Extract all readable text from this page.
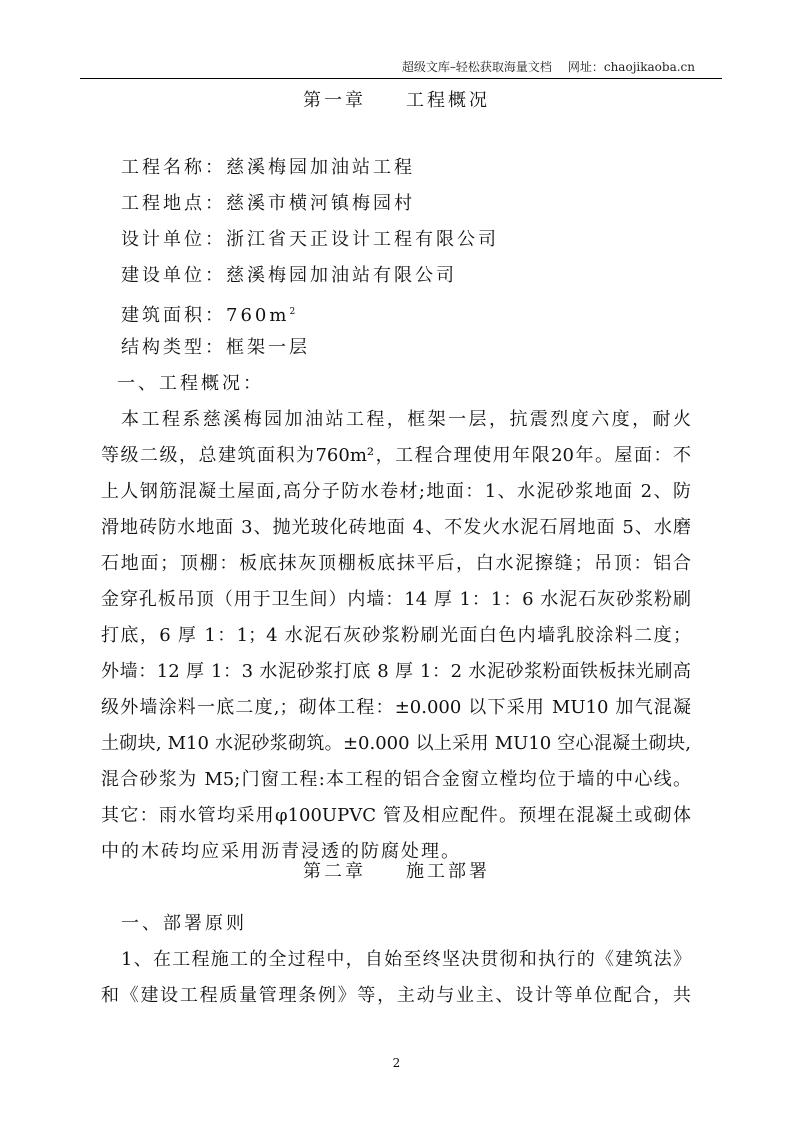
超级文库–轻松获取海量文档 网址：chaojikaoba.cn
第一章 工程概况
工程名称：慈溪梅园加油站工程
工程地点：慈溪市横河镇梅园村
设计单位：浙江省天正设计工程有限公司
建设单位：慈溪梅园加油站有限公司
建筑面积：$760m^2$
结构类型：框架一层
一、工程概况：
本工程系慈溪梅园加油站工程，框架一层，抗震烈度六度，耐火
等级二级，总建筑面积为760m²，工程合理使用年限20年。屋面：不
上人钢筋混凝土屋面,高分子防水卷材;地面：1、水泥砂浆地面 2、防
滑地砖防水地面 3、抛光玻化砖地面 4、不发火水泥石屑地面 5、水磨
石地面；顶棚：板底抹灰顶棚板底抹平后，白水泥擦缝；吊顶：铝合
金穿孔板吊顶（用于卫生间）内墙：14 厚 1：1：6 水泥石灰砂浆粉刷
打底，6 厚 1：1；4 水泥石灰砂浆粉刷光面白色内墙乳胶涂料二度；
外墙：12 厚 1：3 水泥砂浆打底 8 厚 1：2 水泥砂浆粉面铁板抹光刷高
级外墙涂料一底二度,；砌体工程：±0.000 以下采用 MU10 加气混凝
土砌块, M10 水泥砂浆砌筑。±0.000 以上采用 MU10 空心混凝土砌块,
混合砂浆为 M5;门窗工程:本工程的铝合金窗立樘均位于墙的中心线。
其它：雨水管均采用φ100UPVC 管及相应配件。预埋在混凝土或砌体
中的木砖均应采用沥青浸透的防腐处理。
第二章 施工部署
一、部署原则
1、在工程施工的全过程中，自始至终坚决贯彻和执行的《建筑法》
和《建设工程质量管理条例》等，主动与业主、设计等单位配合，共
2
